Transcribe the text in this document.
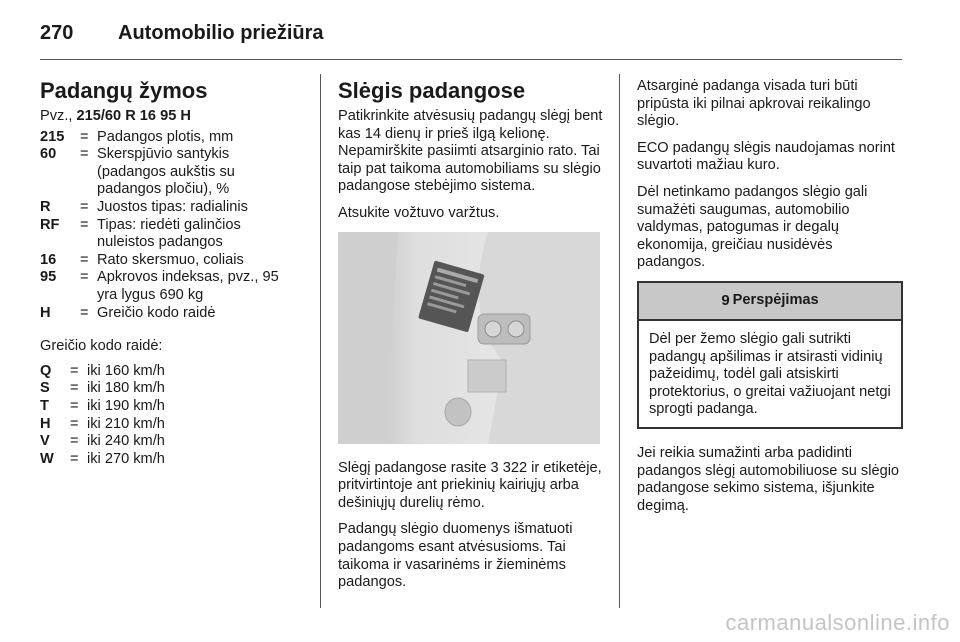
270 Automobilio priežiūra
Padangų žymos

Pvz., 215/60 R 16 95 H

215	= Padangos plotis, mm
60	= Skerspjūvio santykis (padangos aukštis su padangos pločiu), %
R	= Juostos tipas: radialinis
RF	= Tipas: riedėti galinčios nuleistos padangos
16	= Rato skersmuo, coliais
95	= Apkrovos indeksas, pvz., 95 yra lygus 690 kg
H	= Greičio kodo raidė

Greičio kodo raidė:

Q	= iki 160 km/h
S	= iki 180 km/h
T	= iki 190 km/h
H	= iki 210 km/h
V	= iki 240 km/h
W	= iki 270 km/h
Slėgis padangose

Patikrinkite atvėsusių padangų slėgį bent kas 14 dienų ir prieš ilgą kelionę. Nepamirškite pasiimti atsarginio rato. Tai taip pat taikoma automobiliams su slėgio padangose stebėjimo sistema.

Atsukite vožtuvo varžtus.

Slėgį padangose rasite 3 322 ir etiketėje, pritvirtintoje ant priekinių kairiųjų arba dešiniųjų durelių rėmo.

Padangų slėgio duomenys išmatuoti padangoms esant atvėsusioms. Tai taikoma ir vasarinėms ir žieminėms padangos.

Atsarginė padanga visada turi būti pripūsta iki pilnai apkrovai reikalingo slėgio.

ECO padangų slėgis naudojamas norint suvartoti mažiau kuro.

Dėl netinkamo padangos slėgio gali sumažėti saugumas, automobilio valdymas, patogumas ir degalų ekonomija, greičiau nusidėvės padangos.

9 Perspėjimas
Dėl per žemo slėgio gali sutrikti padangų apšilimas ir atsirasti vidinių pažeidimų, todėl gali atsiskirti protektorius, o greitai važiuojant netgi sprogti padanga.

Jei reikia sumažinti arba padidinti padangos slėgį automobiliuose su slėgio padangose sekimo sistema, išjunkite degimą.

carmanualsonline.info
